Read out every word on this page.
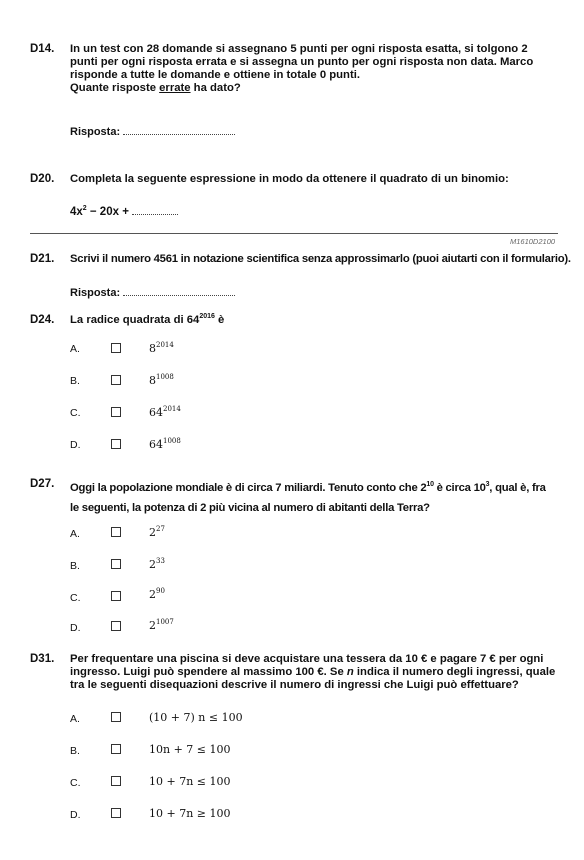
D14. In un test con 28 domande si assegnano 5 punti per ogni risposta esatta, si tolgono 2
punti per ogni risposta errata e si assegna un punto per ogni risposta non data. Marco
risponde a tutte le domande e ottiene in totale 0 punti.
Quante risposte errate ha dato?
Risposta:
D20. Completa la seguente espressione in modo da ottenere il quadrato di un binomio:
$4x^2 - 20x$ +
M1610D2100
D21. Scrivi il numero 4561 in notazione scientifica senza approssimarlo (puoi aiutarti con il formulario).
Risposta:
D24. La radice quadrata di $64^{2016}$ è
A.	$8^{2014}$
B.	$8^{1008}$
C.	$64^{2014}$
D.	$64^{1008}$
D27. Oggi la popolazione mondiale è di circa 7 miliardi. Tenuto conto che $2^{10}$ è circa $10^3$, qual è, fra
le seguenti, la potenza di 2 più vicina al numero di abitanti della Terra?
A.	$2^{27}$
B.	$2^{33}$
C.	$2^{90}$
D.	$2^{1007}$
D31. Per frequentare una piscina si deve acquistare una tessera da 10 € e pagare 7 € per ogni
ingresso. Luigi può spendere al massimo 100 €. Se n indica il numero degli ingressi, quale
tra le seguenti disequazioni descrive il numero di ingressi che Luigi può effettuare?
A.	(10 + 7) n ≤ 100
B.	10n + 7 ≤ 100
C.	10 + 7n ≤ 100
D.	10 + 7n ≥ 100
